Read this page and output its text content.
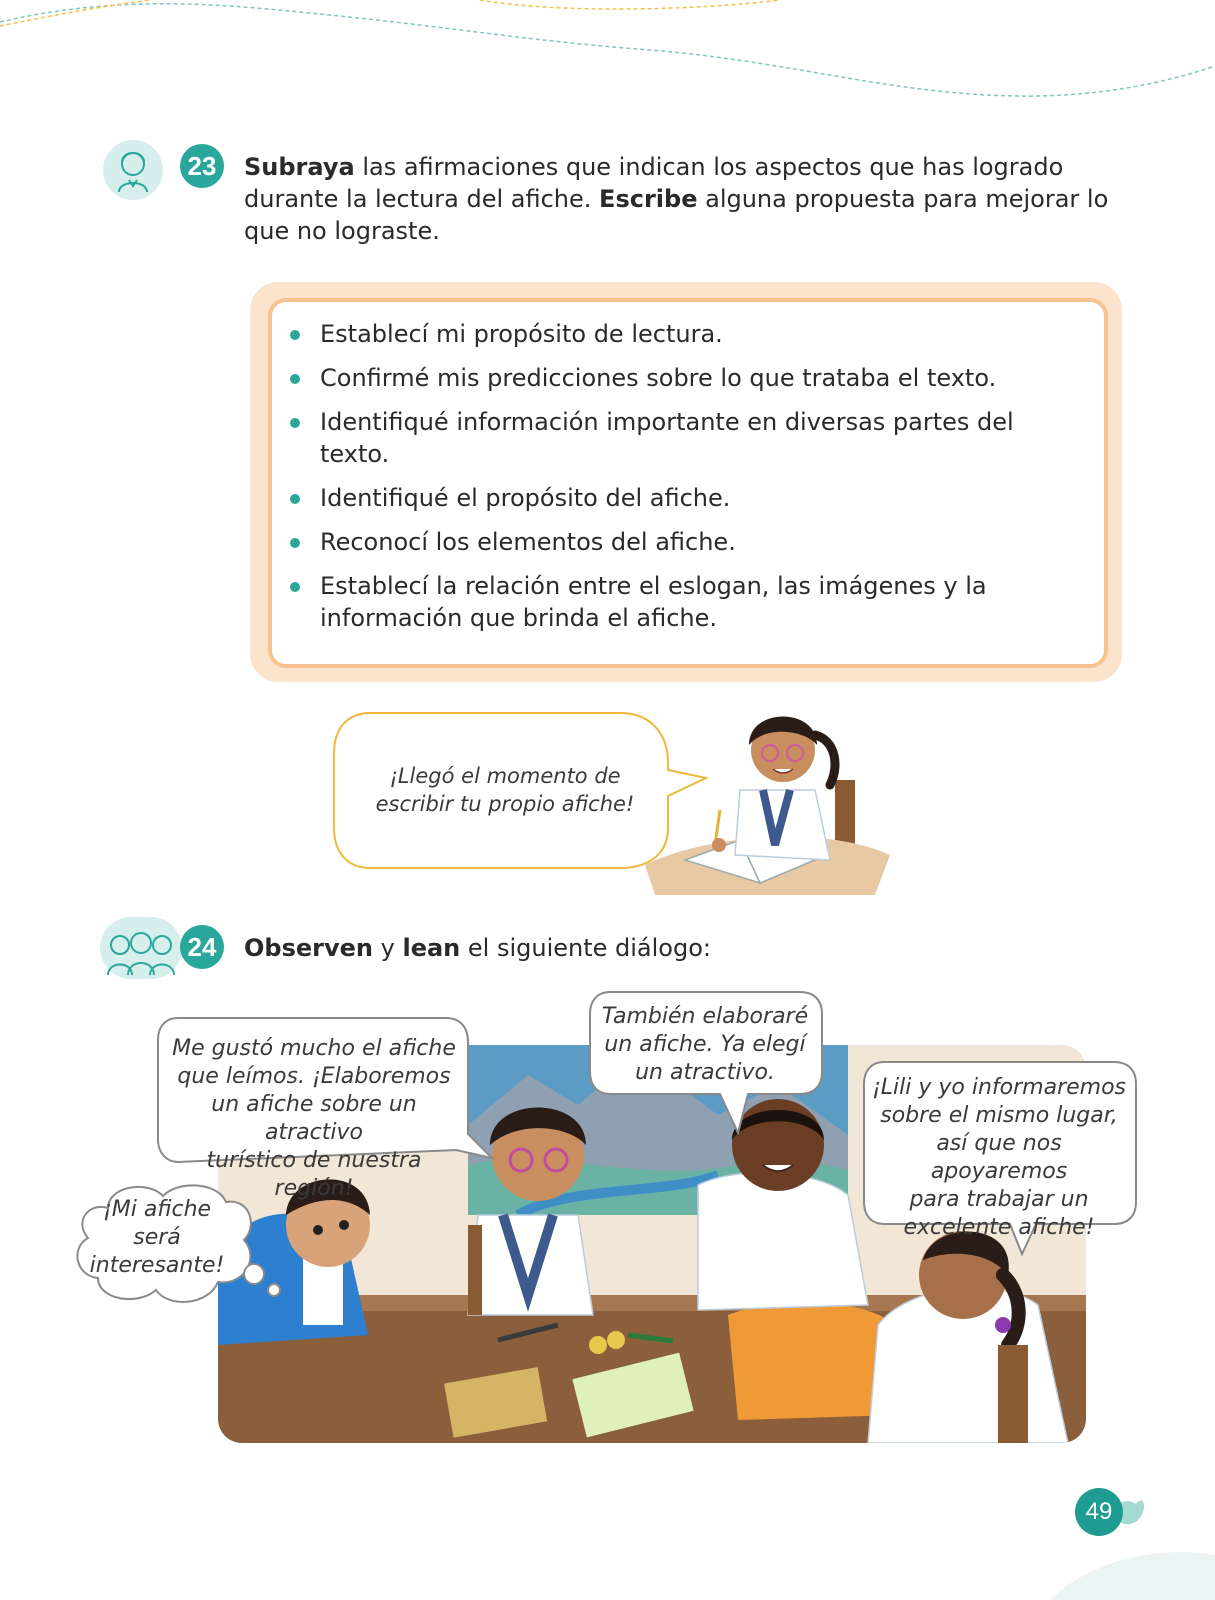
23	Subraya las afirmaciones que indican los aspectos que has logrado durante la lectura del afiche. Escribe alguna propuesta para mejorar lo que no lograste.
Establecí mi propósito de lectura.
Confirmé mis predicciones sobre lo que trataba el texto.
Identifiqué información importante en diversas partes del texto.
Identifiqué el propósito del afiche.
Reconocí los elementos del afiche.
Establecí la relación entre el eslogan, las imágenes y la información que brinda el afiche.
¡Llegó el momento de
escribir tu propio afiche!
24	Observen y lean el siguiente diálogo:
Me gustó mucho el afiche
que leímos. ¡Elaboremos
un afiche sobre un atractivo
turístico de nuestra región!
También elaboraré
un afiche. Ya elegí
un atractivo.
¡Lili y yo informaremos
sobre el mismo lugar,
así que nos apoyaremos
para trabajar un
excelente afiche!
¡Mi afiche
será
interesante!
49
